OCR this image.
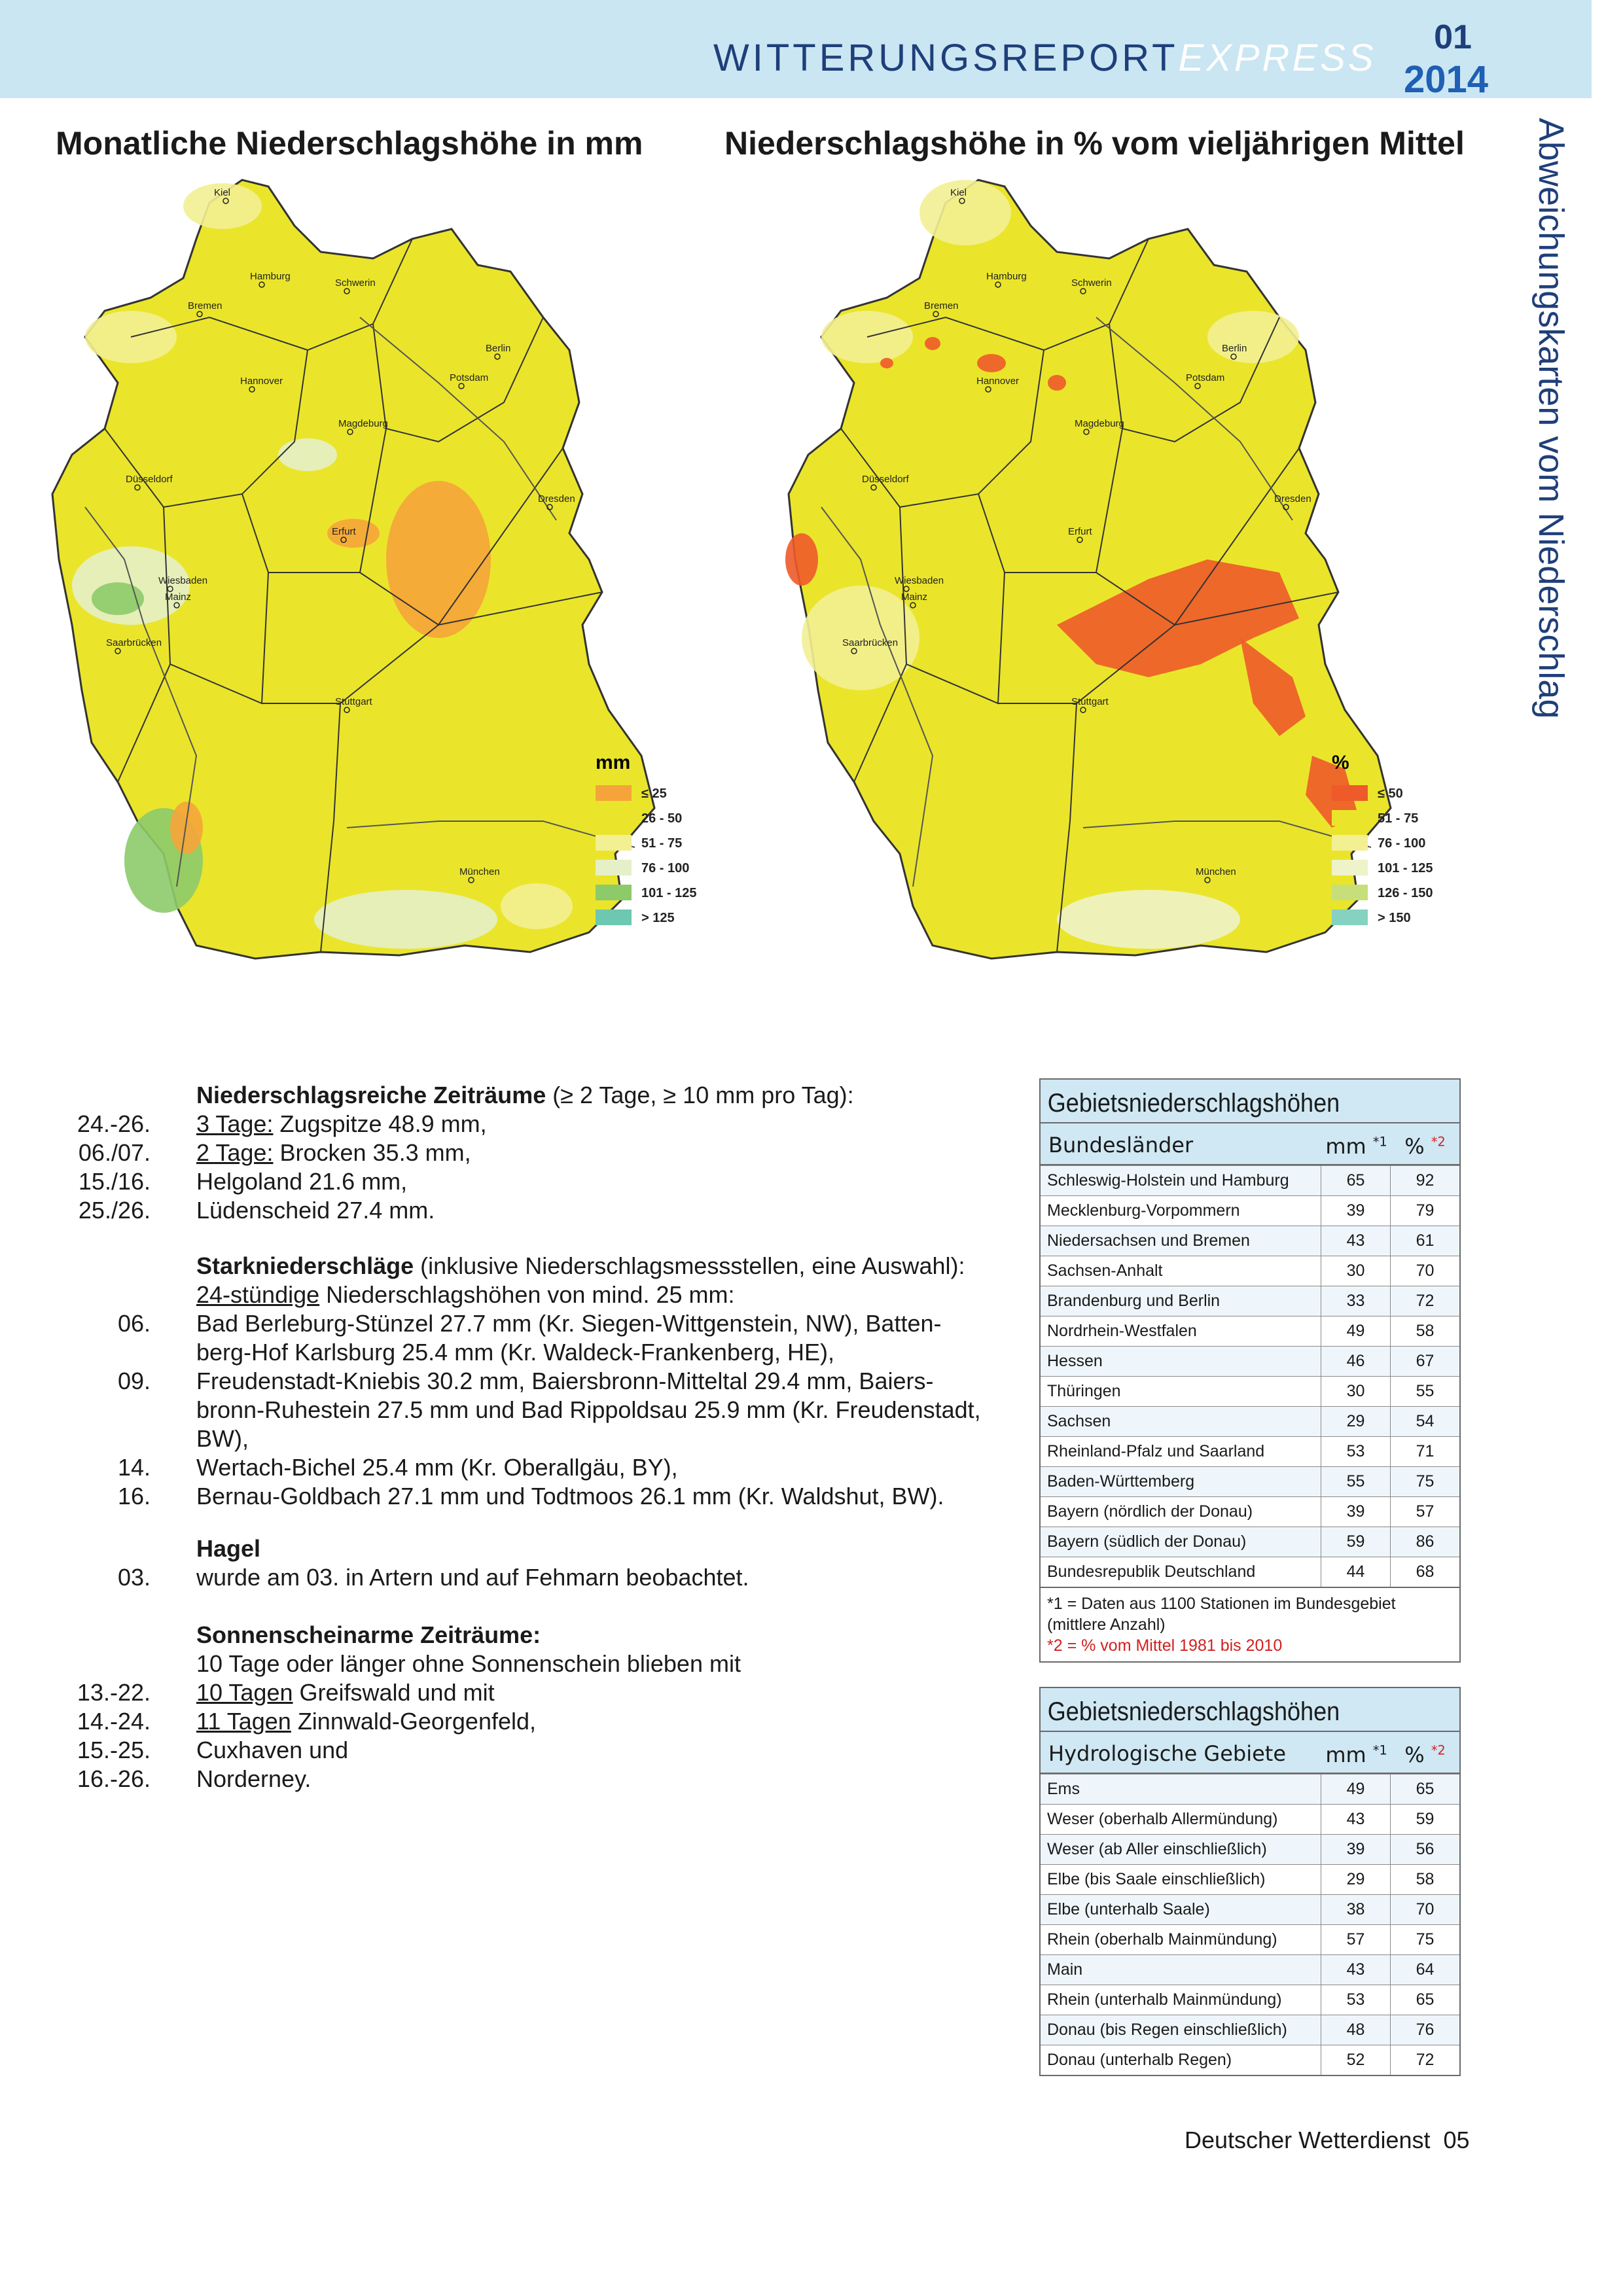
WITTERUNGSREPORTEXPRESS	01
2014
Monatliche Niederschlagshöhe in mm Niederschlagshöhe in % vom vieljährigen Mittel Abweichungskarten vom Niederschlag
Kiel
Hamburg
Schwerin
Bremen
Berlin
Hannover	Potsdam
Magdeburg
Düsseldorf
Dresden
Erfurt
Wiesbaden
Mainz
Saarbrücken
Stuttgart
München
mm
≤ 25
26 - 50
51 - 75
76 - 100
101 - 125
> 125
Kiel
Hamburg
Schwerin
Bremen
Berlin
Hannover	Potsdam
Magdeburg
Düsseldorf
Dresden
Erfurt
Wiesbaden
Mainz
Saarbrücken
Stuttgart
München
%
≤ 50
51 - 75
76 - 100
101 - 125
126 - 150
> 150
Niederschlagsreiche Zeiträume (≥ 2 Tage, ≥ 10 mm pro Tag):
24.-26. 3 Tage: Zugspitze 48.9 mm,
06./07. 2 Tage: Brocken 35.3 mm,
15./16. Helgoland 21.6 mm,
25./26. Lüdenscheid 27.4 mm.
Starkniederschläge (inklusive Niederschlagsmessstellen, eine Auswahl):
24-stündige Niederschlagshöhen von mind. 25 mm:
06. Bad Berleburg-Stünzel 27.7 mm (Kr. Siegen-Wittgenstein, NW), Batten-
berg-Hof Karlsburg 25.4 mm (Kr. Waldeck-Frankenberg, HE),
09. Freudenstadt-Kniebis 30.2 mm, Baiersbronn-Mitteltal 29.4 mm, Baiers-
bronn-Ruhestein 27.5 mm und Bad Rippoldsau 25.9 mm (Kr. Freudenstadt,
BW),
14. Wertach-Bichel 25.4 mm (Kr. Oberallgäu, BY),
16. Bernau-Goldbach 27.1 mm und Todtmoos 26.1 mm (Kr. Waldshut, BW).
Hagel
03. wurde am 03. in Artern und auf Fehmarn beobachtet.
Sonnenscheinarme Zeiträume:
10 Tage oder länger ohne Sonnenschein blieben mit
13.-22. 10 Tagen Greifswald und mit
14.-24. 11 Tagen Zinnwald-Georgenfeld,
15.-25. Cuxhaven und
16.-26. Norderney.
Gebietsniederschlagshöhen
Bundesländer	mm $^{*1}$ % $^{*2}$
Schleswig-Holstein und Hamburg	65	92
Mecklenburg-Vorpommern	39	79
Niedersachsen und Bremen	43	61
Sachsen-Anhalt	30	70
Brandenburg und Berlin	33	72
Nordrhein-Westfalen	49	58
Hessen	46	67
Thüringen	30	55
Sachsen	29	54
Rheinland-Pfalz und Saarland	53	71
Baden-Württemberg	55	75
Bayern (nördlich der Donau)	39	57
Bayern (südlich der Donau)	59	86
Bundesrepublik Deutschland	44	68
*1 = Daten aus 1100 Stationen im Bundesgebiet (mittlere Anzahl)
*2 = % vom Mittel 1981 bis 2010
Gebietsniederschlagshöhen
Hydrologische Gebiete	mm $^{*1}$ % $^{*2}$
Ems	49	65
Weser (oberhalb Allermündung)	43	59
Weser (ab Aller einschließlich)	39	56
Elbe (bis Saale einschließlich)	29	58
Elbe (unterhalb Saale)	38	70
Rhein (oberhalb Mainmündung)	57	75
Main	43	64
Rhein (unterhalb Mainmündung)	53	65
Donau (bis Regen einschließlich)	48	76
Donau (unterhalb Regen)	52	72
Deutscher Wetterdienst 05
